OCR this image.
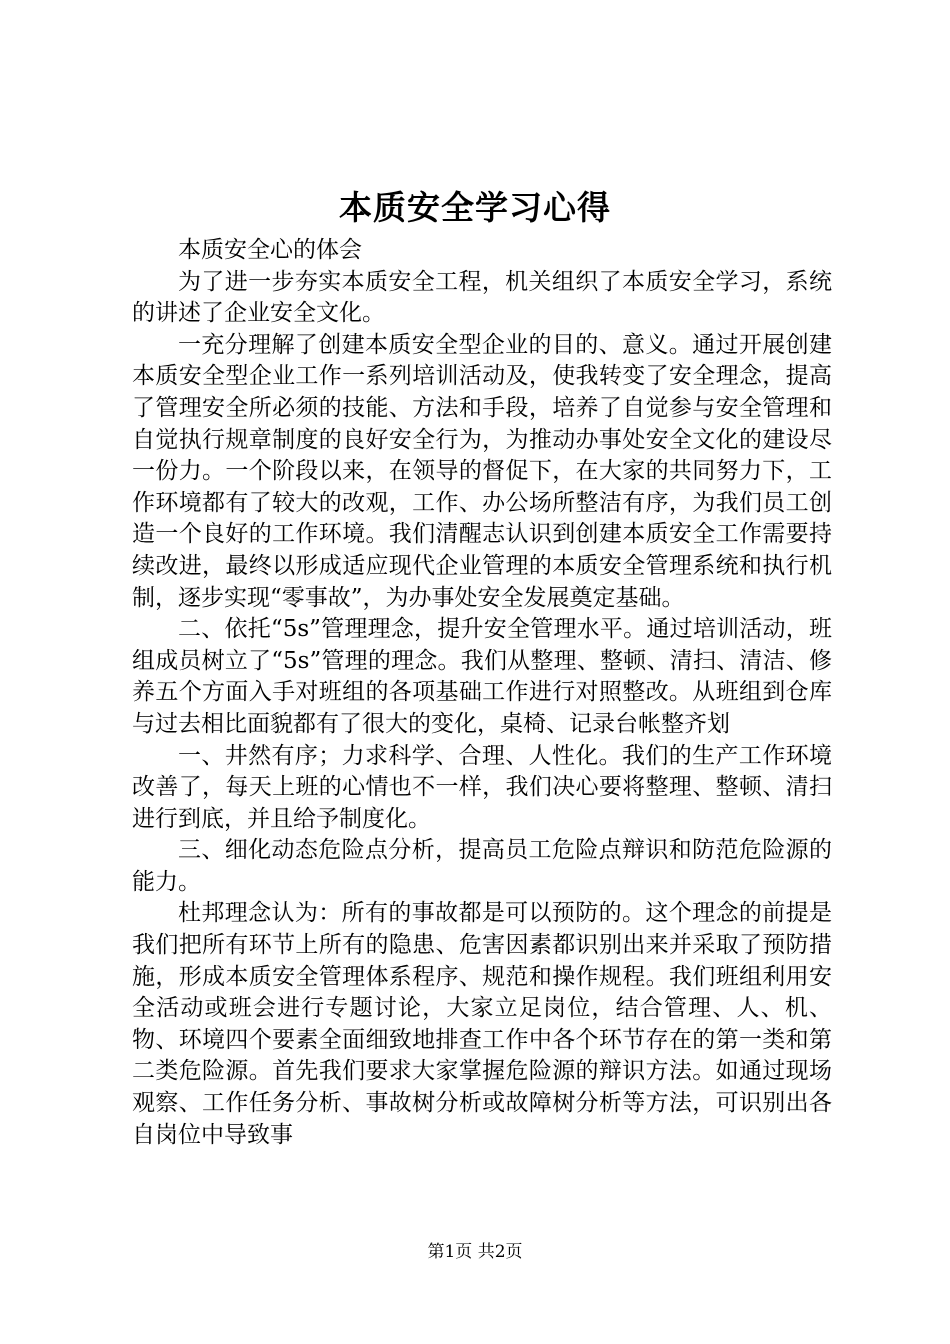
本质安全学习心得

本质安全心的体会

为了进一步夯实本质安全工程，机关组织了本质安全学习，系统的讲述了企业安全文化。

一充分理解了创建本质安全型企业的目的、意义。通过开展创建本质安全型企业工作一系列培训活动及，使我转变了安全理念，提高了管理安全所必须的技能、方法和手段，培养了自觉参与安全管理和自觉执行规章制度的良好安全行为，为推动办事处安全文化的建设尽一份力。一个阶段以来，在领导的督促下，在大家的共同努力下，工作环境都有了较大的改观，工作、办公场所整洁有序，为我们员工创造一个良好的工作环境。我们清醒志认识到创建本质安全工作需要持续改进，最终以形成适应现代企业管理的本质安全管理系统和执行机制，逐步实现“零事故”，为办事处安全发展奠定基础。

二、依托“5s”管理理念，提升安全管理水平。通过培训活动，班组成员树立了“5s”管理的理念。我们从整理、整顿、清扫、清洁、修养五个方面入手对班组的各项基础工作进行对照整改。从班组到仓库与过去相比面貌都有了很大的变化，桌椅、记录台帐整齐划

一、井然有序；力求科学、合理、人性化。我们的生产工作环境改善了，每天上班的心情也不一样，我们决心要将整理、整顿、清扫进行到底，并且给予制度化。

三、细化动态危险点分析，提高员工危险点辩识和防范危险源的能力。

杜邦理念认为：所有的事故都是可以预防的。这个理念的前提是我们把所有环节上所有的隐患、危害因素都识别出来并采取了预防措施，形成本质安全管理体系程序、规范和操作规程。我们班组利用安全活动或班会进行专题讨论，大家立足岗位，结合管理、人、机、物、环境四个要素全面细致地排查工作中各个环节存在的第一类和第二类危险源。首先我们要求大家掌握危险源的辩识方法。如通过现场观察、工作任务分析、事故树分析或故障树分析等方法，可识别出各自岗位中导致事

第1页 共2页
